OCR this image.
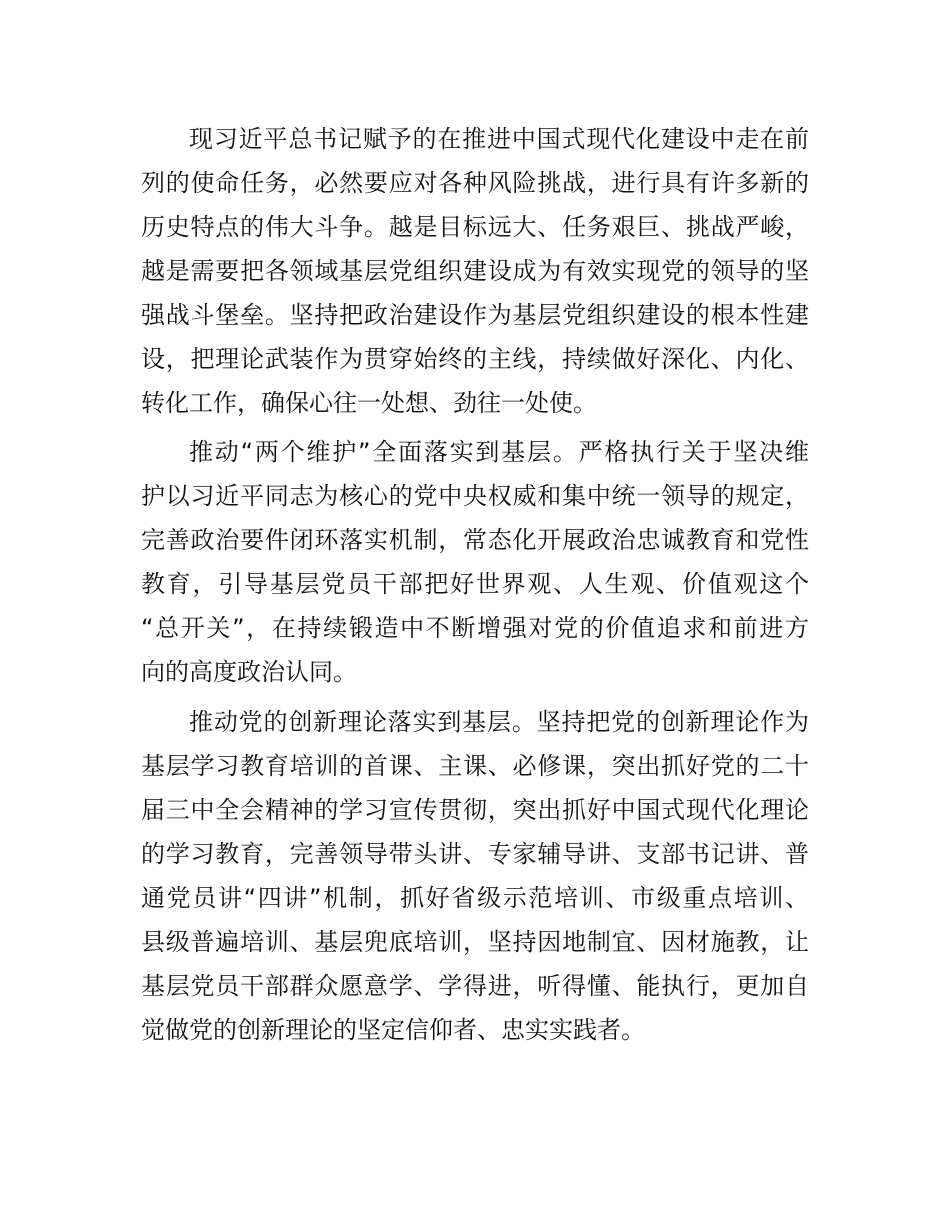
现习近平总书记赋予的在推进中国式现代化建设中走在前
列的使命任务，必然要应对各种风险挑战，进行具有许多新的
历史特点的伟大斗争。越是目标远大、任务艰巨、挑战严峻，
越是需要把各领域基层党组织建设成为有效实现党的领导的坚
强战斗堡垒。坚持把政治建设作为基层党组织建设的根本性建
设，把理论武装作为贯穿始终的主线，持续做好深化、内化、
转化工作，确保心往一处想、劲往一处使。
推动“两个维护”全面落实到基层。严格执行关于坚决维
护以习近平同志为核心的党中央权威和集中统一领导的规定，
完善政治要件闭环落实机制，常态化开展政治忠诚教育和党性
教育，引导基层党员干部把好世界观、人生观、价值观这个
“总开关”，在持续锻造中不断增强对党的价值追求和前进方
向的高度政治认同。
推动党的创新理论落实到基层。坚持把党的创新理论作为
基层学习教育培训的首课、主课、必修课，突出抓好党的二十
届三中全会精神的学习宣传贯彻，突出抓好中国式现代化理论
的学习教育，完善领导带头讲、专家辅导讲、支部书记讲、普
通党员讲“四讲”机制，抓好省级示范培训、市级重点培训、
县级普遍培训、基层兜底培训，坚持因地制宜、因材施教，让
基层党员干部群众愿意学、学得进，听得懂、能执行，更加自
觉做党的创新理论的坚定信仰者、忠实实践者。
